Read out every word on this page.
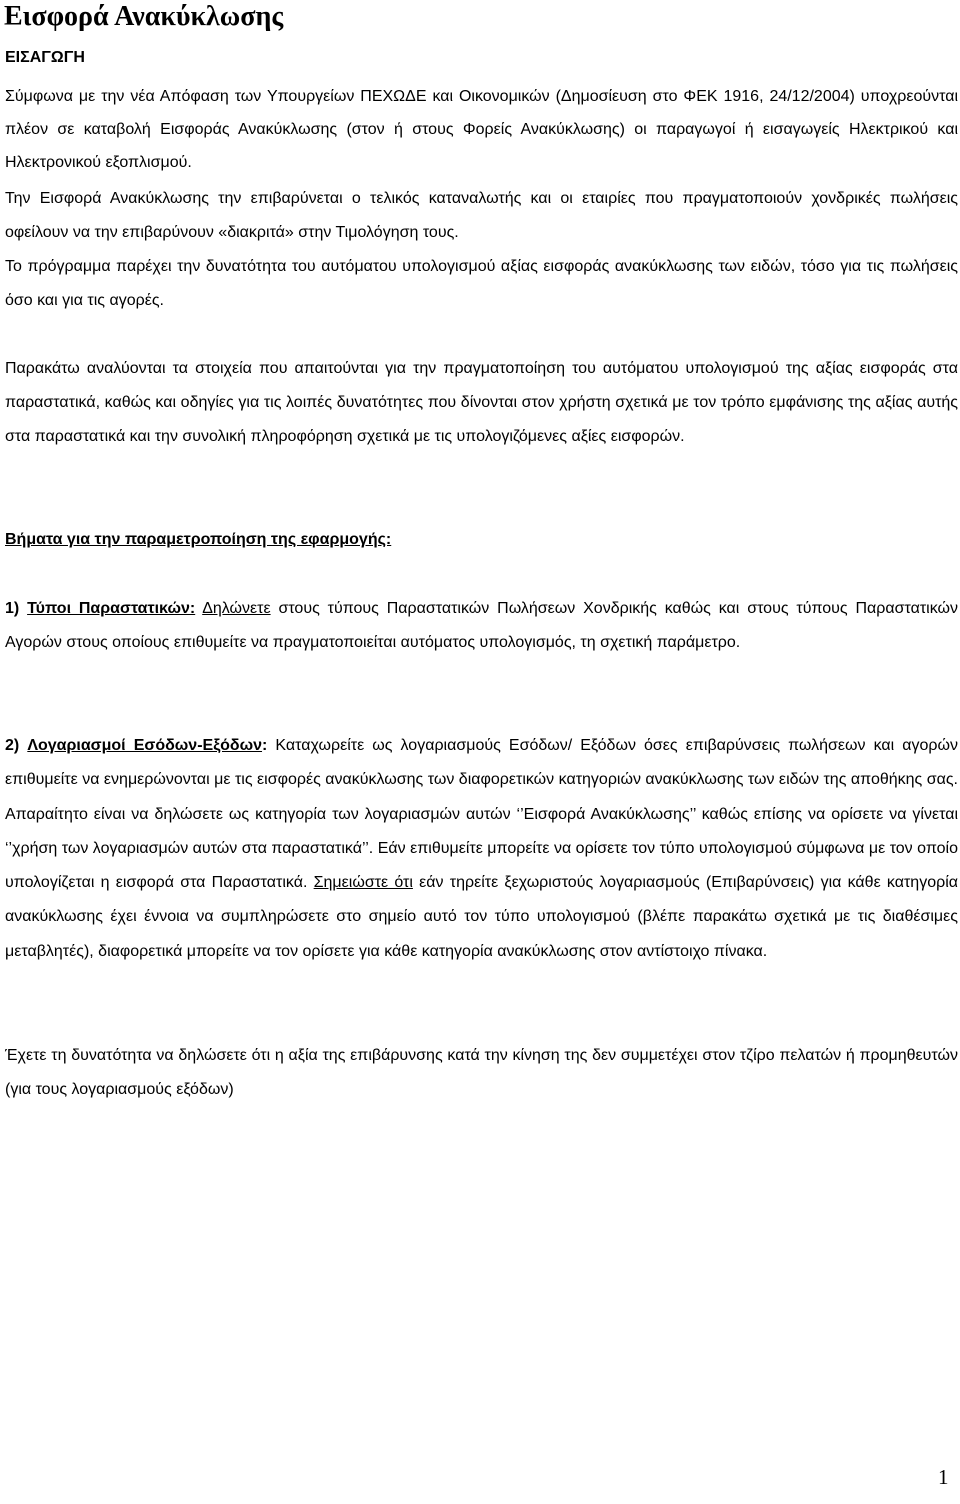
Εισφορά Ανακύκλωσης
ΕΙΣΑΓΩΓΗ

Σύμφωνα με την νέα Απόφαση των Υπουργείων ΠΕΧΩΔΕ και Οικονομικών (Δημοσίευση στο ΦΕΚ 1916, 24/12/2004) υποχρεούνται πλέον σε καταβολή Εισφοράς Ανακύκλωσης (στον ή στους Φορείς Ανακύκλωσης) οι παραγωγοί ή εισαγωγείς Ηλεκτρικού και Ηλεκτρονικού εξοπλισμού.

Την Εισφορά Ανακύκλωσης την επιβαρύνεται ο τελικός καταναλωτής και οι εταιρίες που πραγματοποιούν χονδρικές πωλήσεις οφείλουν να την επιβαρύνουν «διακριτά» στην Τιμολόγηση τους.

Το πρόγραμμα παρέχει την δυνατότητα του αυτόματου υπολογισμού αξίας εισφοράς ανακύκλωσης των ειδών, τόσο για τις πωλήσεις όσο και για τις αγορές.

Παρακάτω αναλύονται τα στοιχεία που απαιτούνται για την πραγματοποίηση του αυτόματου υπολογισμού της αξίας εισφοράς στα παραστατικά, καθώς και οδηγίες για τις λοιπές δυνατότητες που δίνονται στον χρήστη σχετικά με τον τρόπο εμφάνισης της αξίας αυτής στα παραστατικά και την συνολική πληροφόρηση σχετικά με τις υπολογιζόμενες αξίες εισφορών.

Βήματα για την παραμετροποίηση της εφαρμογής:

1) Τύποι Παραστατικών: Δηλώνετε στους τύπους Παραστατικών Πωλήσεων Χονδρικής καθώς και στους τύπους Παραστατικών Αγορών στους οποίους επιθυμείτε να πραγματοποιείται αυτόματος υπολογισμός, τη σχετική παράμετρο.

2) Λογαριασμοί Εσόδων-Εξόδων: Καταχωρείτε ως λογαριασμούς Εσόδων/ Εξόδων όσες επιβαρύνσεις πωλήσεων και αγορών επιθυμείτε να ενημερώνονται με τις εισφορές ανακύκλωσης των διαφορετικών κατηγοριών ανακύκλωσης των ειδών της αποθήκης σας. Απαραίτητο είναι να δηλώσετε ως κατηγορία των λογαριασμών αυτών ‘’Εισφορά Ανακύκλωσης’’ καθώς επίσης να ορίσετε να γίνεται ‘’χρήση των λογαριασμών αυτών στα παραστατικά’’. Εάν επιθυμείτε μπορείτε να ορίσετε τον τύπο υπολογισμού σύμφωνα με τον οποίο υπολογίζεται η εισφορά στα Παραστατικά. Σημειώστε ότι εάν τηρείτε ξεχωριστούς λογαριασμούς (Επιβαρύνσεις) για κάθε κατηγορία ανακύκλωσης έχει έννοια να συμπληρώσετε στο σημείο αυτό τον τύπο υπολογισμού (βλέπε παρακάτω σχετικά με τις διαθέσιμες μεταβλητές), διαφορετικά μπορείτε να τον ορίσετε για κάθε κατηγορία ανακύκλωσης στον αντίστοιχο πίνακα.

Έχετε τη δυνατότητα να δηλώσετε ότι η αξία της επιβάρυνσης κατά την κίνηση της δεν συμμετέχει στον τζίρο πελατών ή προμηθευτών (για τους λογαριασμούς εξόδων)

1
